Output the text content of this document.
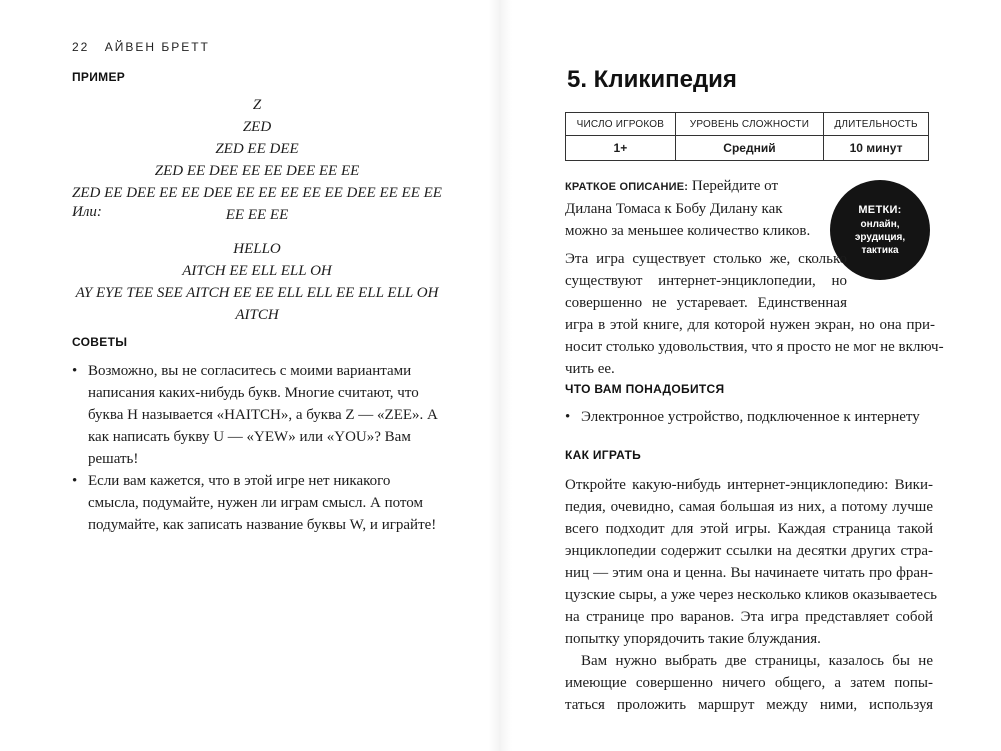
22 АЙВЕН БРЕТТ
ПРИМЕР
Z
ZED
ZED EE DEE
ZED EE DEE EE EE DEE EE EE
ZED EE DEE EE EE DEE EE EE EE EE EE DEE EE EE EE
EE EE EE
Или:
HELLO
AITCH EE ELL ELL OH
AY EYE TEE SEE AITCH EE EE ELL ELL EE ELL ELL OH
AITCH
СОВЕТЫ
• Возможно, вы не согласитесь с моими вариантами написания каких-нибудь букв. Многие считают, что буква H называется «HAITCH», а буква Z — «ZEE». А как написать букву U — «YEW» или «YOU»? Вам решать!
• Если вам кажется, что в этой игре нет никакого смысла, подумайте, нужен ли играм смысл. А потом подумайте, как записать название буквы W, и играйте!
5. Кликипедия
ЧИСЛО ИГРОКОВ	УРОВЕНЬ СЛОЖНОСТИ	ДЛИТЕЛЬНОСТЬ
1+	Средний	10 минут
КРАТКОЕ ОПИСАНИЕ: Перейдите от Дилана Томаса к Бобу Дилану как можно за меньшее количество кликов.
МЕТКИ:
онлайн,
эрудиция,
тактика
Эта игра существует столько же, сколько
существуют интернет-энциклопедии, но
совершенно не устаревает. Единственная
игра в этой книге, для которой нужен экран, но она при-
носит столько удовольствия, что я просто не мог не включ-
чить ее.
ЧТО ВАМ ПОНАДОБИТСЯ
• Электронное устройство, подключенное к интернету
КАК ИГРАТЬ
Откройте какую-нибудь интернет-энциклопедию: Вики-
педия, очевидно, самая большая из них, а потому лучше
всего подходит для этой игры. Каждая страница такой
энциклопедии содержит ссылки на десятки других стра-
ниц — этим она и ценна. Вы начинаете читать про фран-
цузские сыры, а уже через несколько кликов оказываетесь
на странице про варанов. Эта игра представляет собой
попытку упорядочить такие блуждания.
Вам нужно выбрать две страницы, казалось бы не
имеющие совершенно ничего общего, а затем попы-
таться проложить маршрут между ними, используя
